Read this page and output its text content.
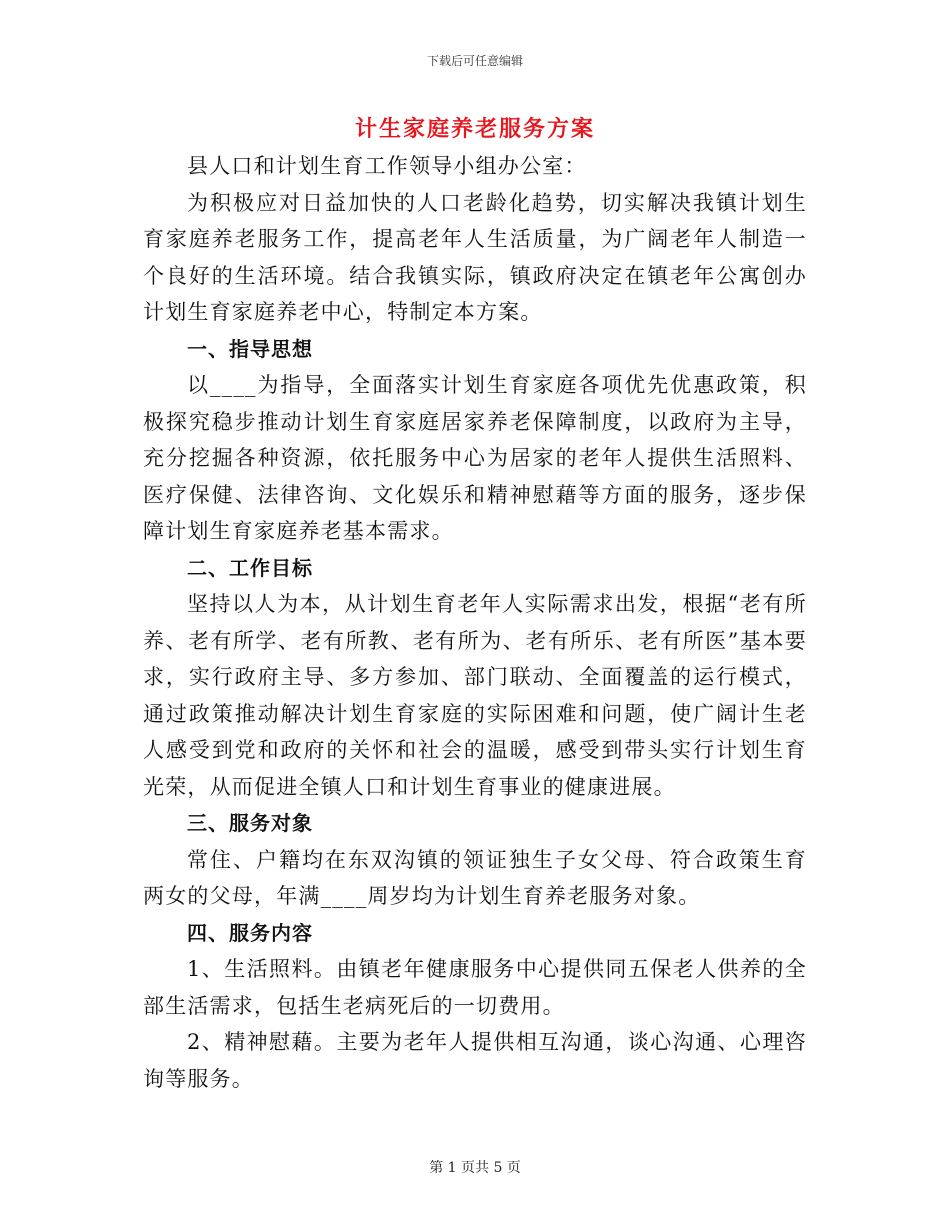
下载后可任意编辑
计生家庭养老服务方案

县人口和计划生育工作领导小组办公室：

为积极应对日益加快的人口老龄化趋势，切实解决我镇计划生育家庭养老服务工作，提高老年人生活质量，为广阔老年人制造一个良好的生活环境。结合我镇实际，镇政府决定在镇老年公寓创办计划生育家庭养老中心，特制定本方案。

一、指导思想

以____为指导，全面落实计划生育家庭各项优先优惠政策，积极探究稳步推动计划生育家庭居家养老保障制度，以政府为主导，充分挖掘各种资源，依托服务中心为居家的老年人提供生活照料、医疗保健、法律咨询、文化娱乐和精神慰藉等方面的服务，逐步保障计划生育家庭养老基本需求。

二、工作目标

坚持以人为本，从计划生育老年人实际需求出发，根据“老有所养、老有所学、老有所教、老有所为、老有所乐、老有所医”基本要求，实行政府主导、多方参加、部门联动、全面覆盖的运行模式，通过政策推动解决计划生育家庭的实际困难和问题，使广阔计生老人感受到党和政府的关怀和社会的温暖，感受到带头实行计划生育光荣，从而促进全镇人口和计划生育事业的健康进展。

三、服务对象

常住、户籍均在东双沟镇的领证独生子女父母、符合政策生育两女的父母，年满____周岁均为计划生育养老服务对象。

四、服务内容

1、生活照料。由镇老年健康服务中心提供同五保老人供养的全部生活需求，包括生老病死后的一切费用。

2、精神慰藉。主要为老年人提供相互沟通，谈心沟通、心理咨询等服务。

第 1 页共 5 页
